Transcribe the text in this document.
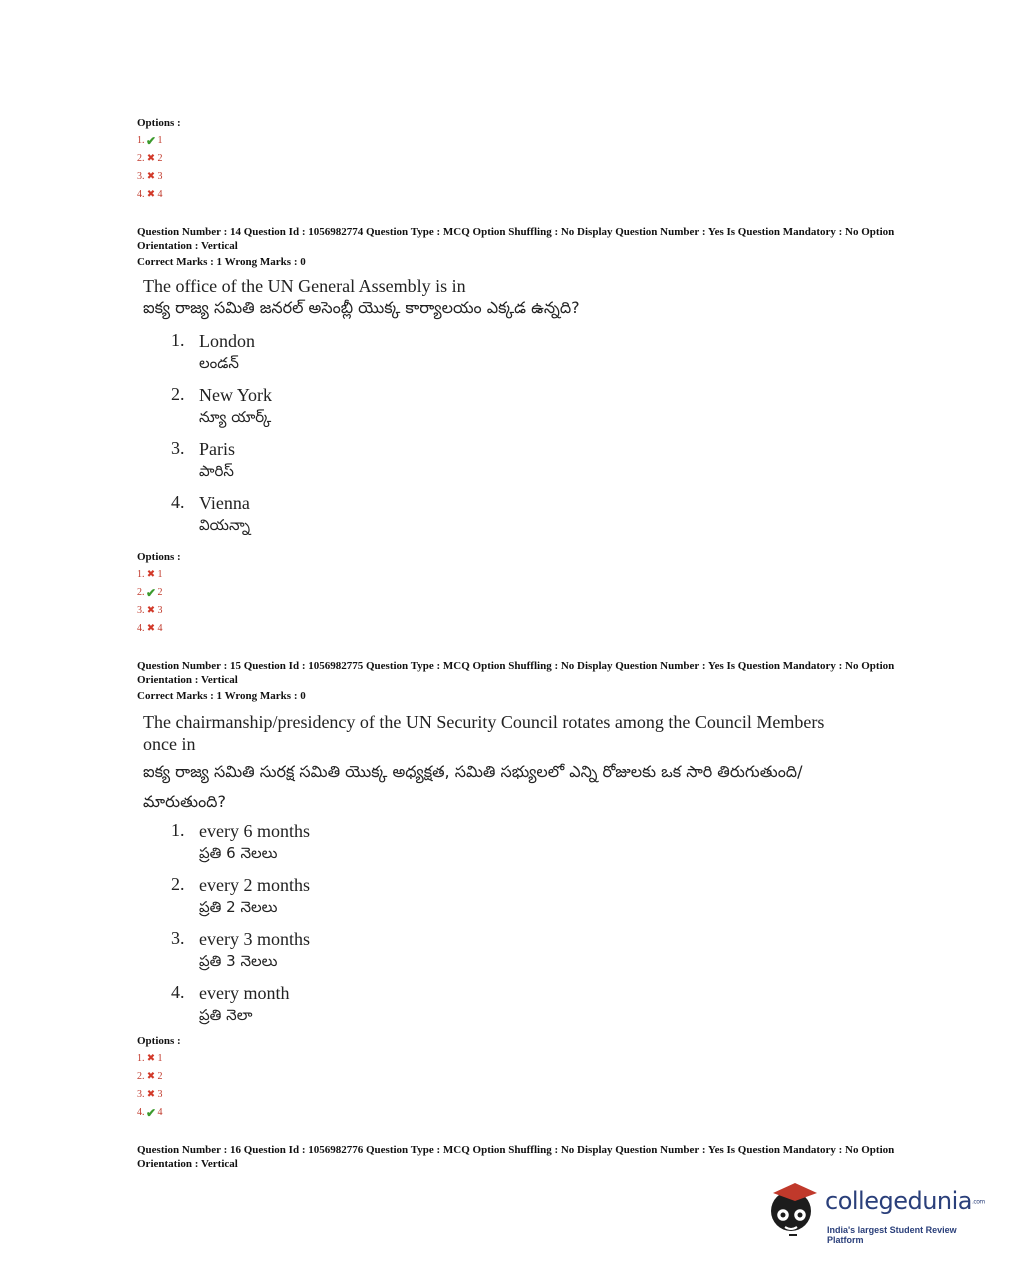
Options :
1. ✔ 1
2. ✖ 2
3. ✖ 3
4. ✖ 4
Question Number : 14 Question Id : 1056982774 Question Type : MCQ Option Shuffling : No Display Question Number : Yes Is Question Mandatory : No Option Orientation : Vertical
Correct Marks : 1 Wrong Marks : 0
The office of the UN General Assembly is in
ఐక్య రాజ్య సమితి జనరల్ అసెంబ్లీ యొక్క కార్యాలయం ఎక్కడ ఉన్నది?
1. London
లండన్
2. New York
న్యూ యార్క్
3. Paris
పారిస్
4. Vienna
వియన్నా
Options :
1. ✖ 1
2. ✔ 2
3. ✖ 3
4. ✖ 4
Question Number : 15 Question Id : 1056982775 Question Type : MCQ Option Shuffling : No Display Question Number : Yes Is Question Mandatory : No Option Orientation : Vertical
Correct Marks : 1 Wrong Marks : 0
The chairmanship/presidency of the UN Security Council rotates among the Council Members once in
ఐక్య రాజ్య సమితి సురక్ష సమితి యొక్క అధ్యక్షత, సమితి సభ్యులలో ఎన్ని రోజులకు ఒక సారి తిరుగుతుంది/మారుతుంది?
1. every 6 months
ప్రతి 6 నెలలు
2. every 2 months
ప్రతి 2 నెలలు
3. every 3 months
ప్రతి 3 నెలలు
4. every month
ప్రతి నెలా
Options :
1. ✖ 1
2. ✖ 2
3. ✖ 3
4. ✔ 4
Question Number : 16 Question Id : 1056982776 Question Type : MCQ Option Shuffling : No Display Question Number : Yes Is Question Mandatory : No Option Orientation : Vertical
collegedunia.com
India's largest Student Review Platform
